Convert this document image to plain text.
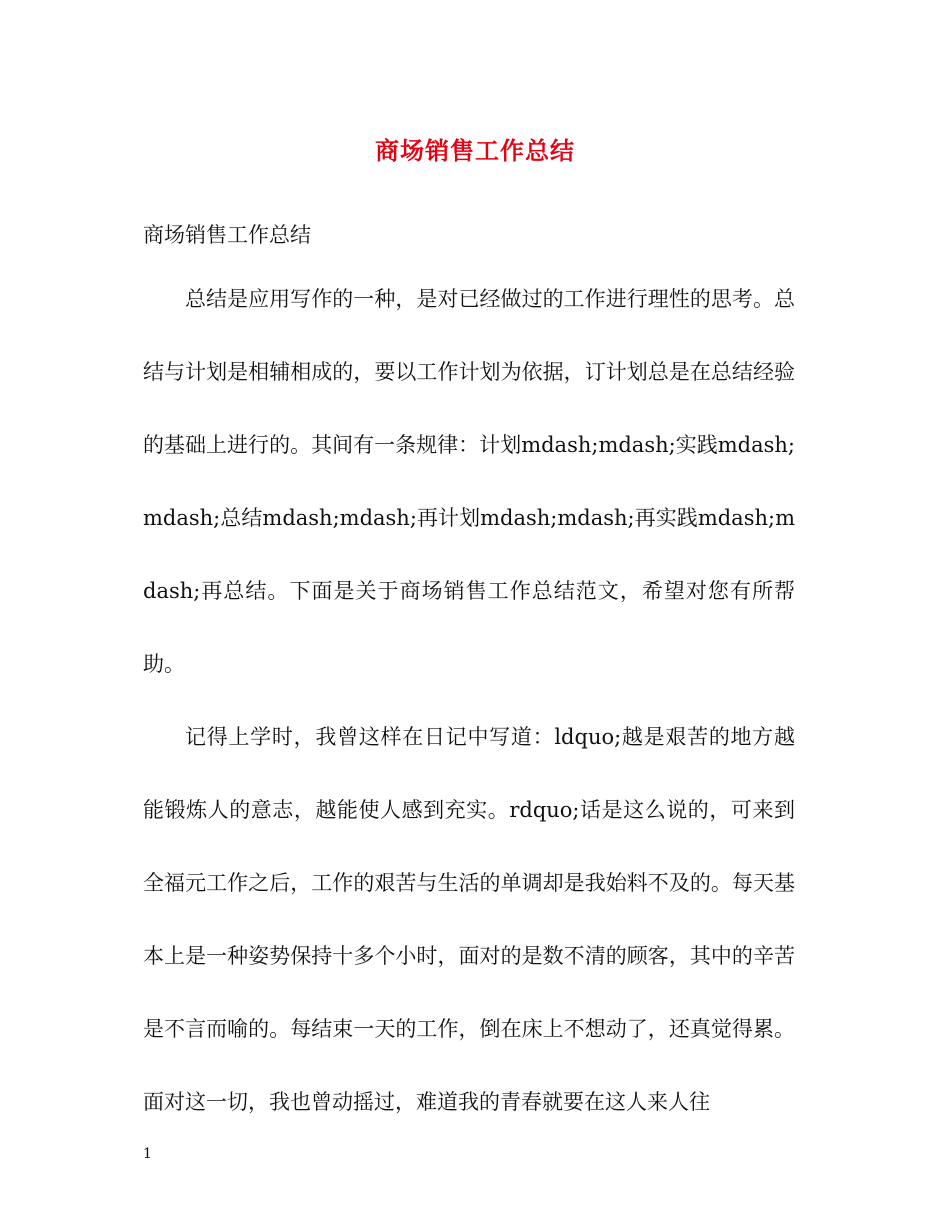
商场销售工作总结
商场销售工作总结

总结是应用写作的一种，是对已经做过的工作进行理性的思考。总结与计划是相辅相成的，要以工作计划为依据，订计划总是在总结经验的基础上进行的。其间有一条规律：计划mdash;mdash;实践mdash;mdash;总结mdash;mdash;再计划mdash;mdash;再实践mdash;mdash;再总结。下面是关于商场销售工作总结范文，希望对您有所帮助。

记得上学时，我曾这样在日记中写道：ldquo;越是艰苦的地方越能锻炼人的意志，越能使人感到充实。rdquo;话是这么说的，可来到全福元工作之后，工作的艰苦与生活的单调却是我始料不及的。每天基本上是一种姿势保持十多个小时，面对的是数不清的顾客，其中的辛苦是不言而喻的。每结束一天的工作，倒在床上不想动了，还真觉得累。面对这一切，我也曾动摇过，难道我的青春就要在这人来人往

1
